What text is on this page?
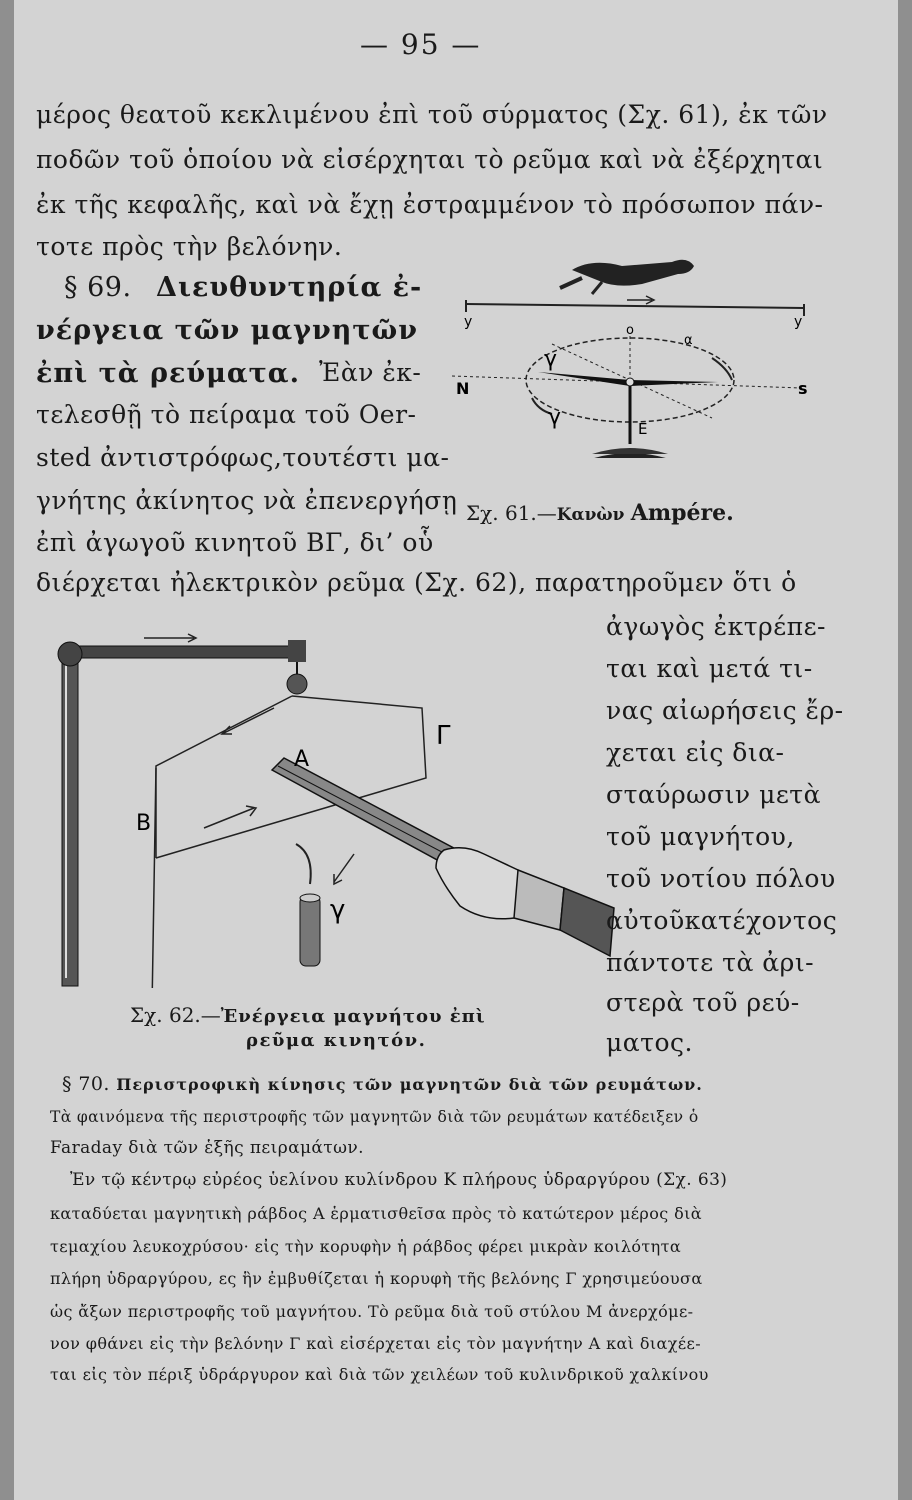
— 95 —
μέρος θεατοῦ κεκλιμένου ἐπὶ τοῦ σύρματος (Σχ. 61), ἐκ τῶν
ποδῶν τοῦ ὁποίου νὰ εἰσέρχηται τὸ ρεῦμα καὶ νὰ ἐξέρχηται
ἐκ τῆς κεφαλῆς, καὶ νὰ ἔχῃ ἐστραμμένον τὸ πρόσωπον πάν-
τοτε πρὸς τὴν βελόνην.
§ 69. Διευθυντηρία ἐ-
νέργεια τῶν μαγνητῶν
ἐπὶ τὰ ρεύματα. Ἐὰν ἐκ-
τελεσθῇ τὸ πείραμα τοῦ Oer-
sted ἀντιστρόφως,τουτέστι μα-
γνήτης ἀκίνητος νὰ ἐπενεργήσῃ
ἐπὶ ἀγωγοῦ κινητοῦ ΒΓ, δι’ οὗ
διέρχεται ἠλεκτρικὸν ρεῦμα (Σχ. 62), παρατηροῦμεν ὅτι ὁ
y	y
o
α
γ
γ
N	s
E
Σχ. 61.—Κανὼν Ampére.
A
B
Γ
γ
Σχ. 62.—Ἐνέργεια μαγνήτου ἐπὶ
ρεῦμα κινητόν.
ἀγωγὸς ἐκτρέπε-
ται καὶ μετά τι-
νας αἰωρήσεις ἔρ-
χεται εἰς δια-
σταύρωσιν μετὰ
τοῦ μαγνήτου,
τοῦ νοτίου πόλου
αὐτοῦκατέχοντος
πάντοτε τὰ ἀρι-
στερὰ τοῦ ρεύ-
ματος.
§ 70. Περιστροφικὴ κίνησις τῶν μαγνητῶν διὰ τῶν ρευμάτων.
Τὰ φαινόμενα τῆς περιστροφῆς τῶν μαγνητῶν διὰ τῶν ρευμάτων κατέδειξεν ὁ
Faraday διὰ τῶν ἑξῆς πειραμάτων.
Ἐν τῷ κέντρῳ εὐρέος ὑελίνου κυλίνδρου Κ πλήρους ὑδραργύρου (Σχ. 63)
καταδύεται μαγνητικὴ ράβδος Α ἑρματισθεῖσα πρὸς τὸ κατώτερον μέρος διὰ
τεμαχίου λευκοχρύσου· εἰς τὴν κορυφὴν ἡ ράβδος φέρει μικρὰν κοιλότητα
πλήρη ὑδραργύρου, ες ἣν ἐμβυθίζεται ἡ κορυφὴ τῆς βελόνης Γ χρησιμεύουσα
ὡς ἄξων περιστροφῆς τοῦ μαγνήτου. Τὸ ρεῦμα διὰ τοῦ στύλου Μ ἀνερχόμε-
νον φθάνει εἰς τὴν βελόνην Γ καὶ εἰσέρχεται εἰς τὸν μαγνήτην Α καὶ διαχέε-
ται εἰς τὸν πέριξ ὑδράργυρον καὶ διὰ τῶν χειλέων τοῦ κυλινδρικοῦ χαλκίνου
